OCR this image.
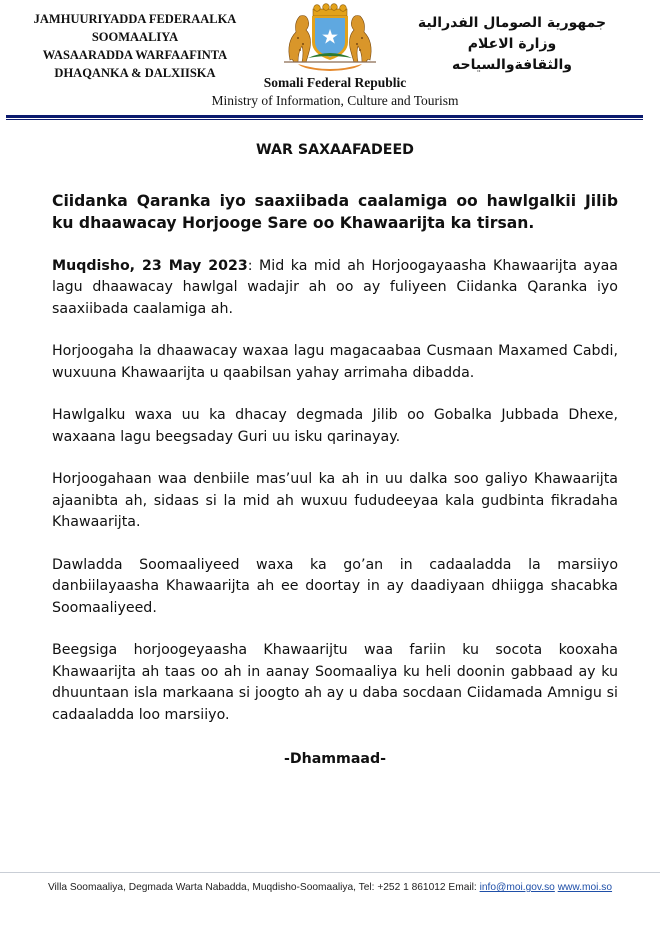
JAMHUURIYADDA FEDERAALKA
SOOMAALIYA
WASAARADDA WARFAAFINTA
DHAQANKA & DALXIISKA
جمهورية الصومال الفدرالية
وزارة الاعلام
والثقافةوالسياحه
Somali Federal Republic
Ministry of Information, Culture and Tourism
WAR SAXAAFADEED
Ciidanka Qaranka iyo saaxiibada caalamiga oo hawlgalkii Jilib ku dhaawacay Horjooge Sare oo Khawaarijta ka tirsan.

Muqdisho, 23 May 2023: Mid ka mid ah Horjoogayaasha Khawaarijta ayaa lagu dhaawacay hawlgal wadajir ah oo ay fuliyeen Ciidanka Qaranka iyo saaxiibada caalamiga ah.

Horjoogaha la dhaawacay waxaa lagu magacaabaa Cusmaan Maxamed Cabdi, wuxuuna Khawaarijta u qaabilsan yahay arrimaha dibadda.

Hawlgalku waxa uu ka dhacay degmada Jilib oo Gobalka Jubbada Dhexe, waxaana lagu beegsaday Guri uu isku qarinayay.

Horjoogahaan waa denbiile mas’uul ka ah in uu dalka soo galiyo Khawaarijta ajaanibta ah, sidaas si la mid ah wuxuu fududeeyaa kala gudbinta fikradaha Khawaarijta.

Dawladda Soomaaliyeed waxa ka go’an in cadaaladda la marsiiyo danbiilayaasha Khawaarijta ah ee doortay in ay daadiyaan dhiigga shacabka Soomaaliyeed.

Beegsiga horjoogeyaasha Khawaarijtu waa fariin ku socota kooxaha Khawaarijta ah taas oo ah in aanay Soomaaliya ku heli doonin gabbaad ay ku dhuuntaan isla markaana si joogto ah ay u daba socdaan Ciidamada Amnigu si cadaaladda loo marsiiyo.

-Dhammaad-
Villa Soomaaliya, Degmada Warta Nabadda, Muqdisho-Soomaaliya, Tel: +252 1 861012 Email: info@moi.gov.so www.moi.so
